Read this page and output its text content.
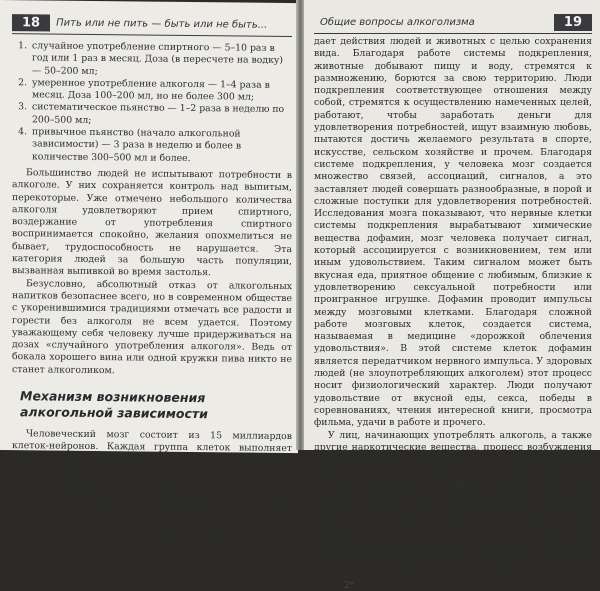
18	Пить или не пить — быть или не быть...
1. случайное употребление спиртного — 5–10 раз в год или 1 раз в месяц. Доза (в пересчете на водку) — 50–200 мл;
2. умеренное употребление алкоголя — 1–4 раза в месяц. Доза 100–200 мл, но не более 300 мл;
3. систематическое пьянство — 1–2 раза в неделю по 200–500 мл;
4. привычное пьянство (начало алкогольной зависимости) — 3 раза в неделю и более в количестве 300–500 мл и более.

Большинство людей не испытывают потребности в алкоголе. У них сохраняется контроль над выпитым, перекоторые. Уже отмечено небольшого количества алкоголя удовлетворяют прием спиртного, воздержание от употребления спиртного воспринимается спокойно, желания опохмелиться не бывает, трудоспособность не нарушается. Эта категория людей за большую часть популяции, вызванная выпивкой во время застолья.

Безусловно, абсолютный отказ от алкогольных напитков безопаснее всего, но в современном обществе с укоренившимися традициями отмечать все радости и горести без алкоголя не всем удается. Поэтому уважающему себя человеку лучше придерживаться на дозах «случайного употребления алкоголя». Ведь от бокала хорошего вина или одной кружки пива никто не станет алкоголиком.

Механизм возникновения алкогольной зависимости

Человеческий мозг состоит из 15 миллиардов клеток-нейронов. Каждая группа клеток выполняет определенные функции для поддержания жизни человека. Работа мозга настолько сложна, что еще не изучена, исследования продолжаются. Но в науке о мозге достаточно данных, чтобы понять действие алкоголя и других наркотических веществ на человеческий мозг и организм в целом.

В области мозга есть группа нервных клеток, которые отвечают

Общие вопросы алкоголизма	19

дает действия людей и животных с целью сохранения вида. Благодаря работе системы подкрепления, животные добывают пищу и воду, стремятся к размножению, борются за свою территорию. Люди подкрепления соответствующее отношения между собой, стремятся к осуществлению намеченных целей, работают, чтобы заработать деньги для удовлетворения потребностей, ищут взаимную любовь, пытаются достичь желаемого результата в спорте, искусстве, сельском хозяйстве и прочем. Благодаря системе подкрепления, у человека мозг создается множество связей, ассоциаций, сигналов, а это заставляет людей совершать разнообразные, в порой и сложные поступки для удовлетворения потребностей. Исследования мозга показывают, что нервные клетки системы подкрепления вырабатывают химические вещества дофамин, мозг человека получает сигнал, который ассоциируется с возникновением, тем или иным удовольствием. Таким сигналом может быть вкусная еда, приятное общение с любимым, близкие к удовлетворению сексуальной потребности или проигранное игрушке. Дофамин проводит импульсы между мозговыми клетками. Благодаря сложной работе мозговых клеток, создается система, называемая в медицине «дорожкой облечения удовольствия». В этой системе клеток дофамин является передатчиком нервного импульса. У здоровых людей (не злоупотребляющих алкоголем) этот процесс носит физиологический характер. Люди получают удовольствие от вкусной еды, секса, победы в соревнованиях, чтения интересной книги, просмотра фильма, удачи в работе и прочего.

У лиц, начинающих употреблять алкоголь, а также другие наркотические вещества, процесс возбуждения мозговых клеток стимулирует его производство. От высвобождения большого количества дофамина человек получает усиленное удовольствие, все проблемы забываются, жизнь представляется в другом цвете, все окружающее кажется «в розовом цвете». От красна и все окружающее люди временно тоже забывают, алкоголь или другие наркотические вещества, люди получают удовольствие от своих бед, и наслаждаются удовольствием. Однако со временем, например, от героина или кокаина. (Здесь нужно

2*
